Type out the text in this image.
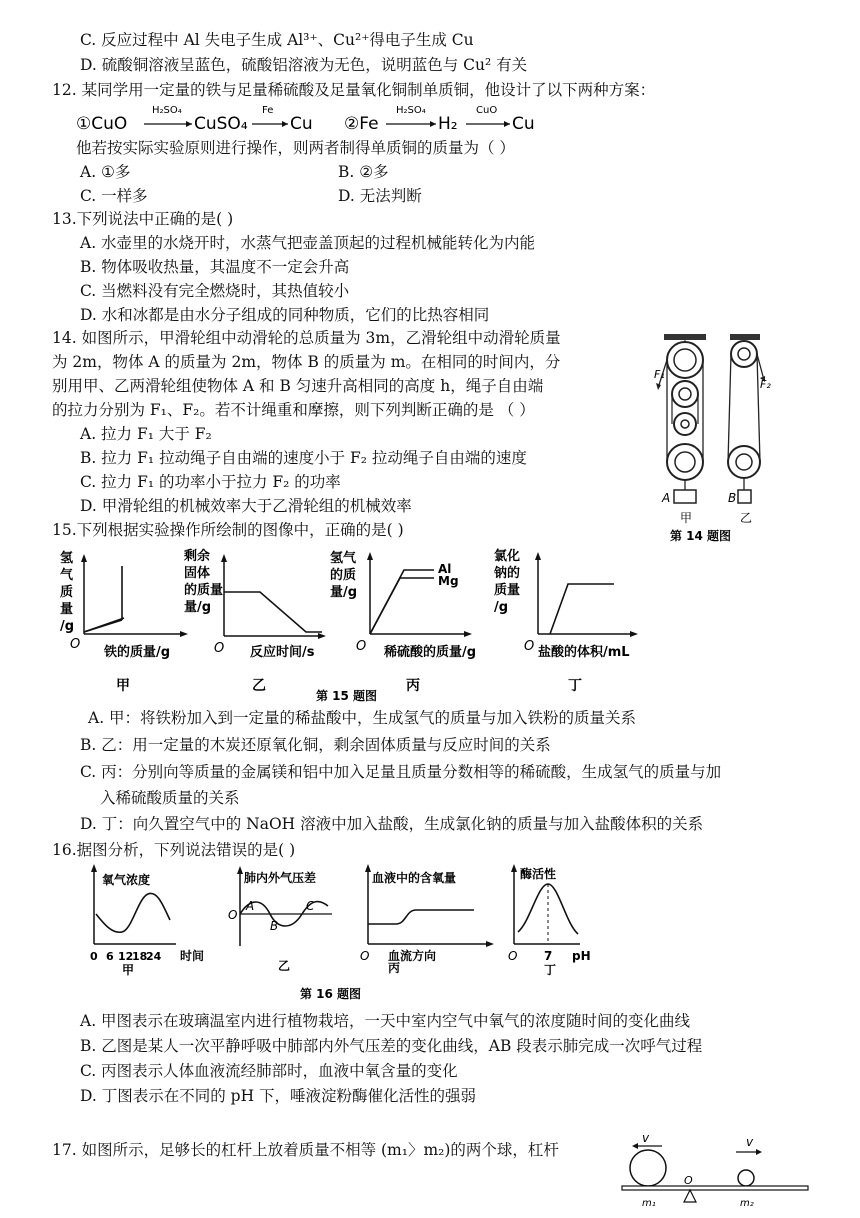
C. 反应过程中 Al 失电子生成 Al³⁺、Cu²⁺得电子生成 Cu
D. 硫酸铜溶液呈蓝色，硫酸铝溶液为无色，说明蓝色与 Cu² 有关
12. 某同学用一定量的铁与足量稀硫酸及足量氧化铜制单质铜，他设计了以下两种方案：
①CuO
H₂SO₄
CuSO₄
Fe
Cu ②Fe
H₂SO₄
H₂
CuO
Cu
他若按实际实验原则进行操作，则两者制得单质铜的质量为（ ）
A. ①多	B. ②多
C. 一样多	D. 无法判断
13.下列说法中正确的是( )
A. 水壶里的水烧开时，水蒸气把壶盖顶起的过程机械能转化为内能
B. 物体吸收热量，其温度不一定会升高
C. 当燃料没有完全燃烧时，其热值较小
D. 水和冰都是由水分子组成的同种物质，它们的比热容相同
14. 如图所示，甲滑轮组中动滑轮的总质量为 3m，乙滑轮组中动滑轮质量
为 2m，物体 A 的质量为 2m，物体 B 的质量为 m。在相同的时间内，分
别用甲、乙两滑轮组使物体 A 和 B 匀速升高相同的高度 h，绳子自由端
的拉力分别为 F₁、F₂。若不计绳重和摩擦，则下列判断正确的是 （ ）
A. 拉力 F₁ 大于 F₂
B. 拉力 F₁ 拉动绳子自由端的速度小于 F₂ 拉动绳子自由端的速度
C. 拉力 F₁ 的功率小于拉力 F₂ 的功率
D. 甲滑轮组的机械效率大于乙滑轮组的机械效率
F₁
A
甲
F₂
B
乙
第 14 题图
15.下列根据实验操作所绘制的图像中，正确的是( )
氢
气
质
量
/g
O
铁的质量/g
甲
剩余
固体
的质量
量/g
O 反应时间/s
乙
氢气
的质
量/g
Al
Mg
O 稀硫酸的质量/g
丙
氯化
钠的
质量
/g
O 盐酸的体积/mL
丁
第 15 题图
A. 甲：将铁粉加入到一定量的稀盐酸中，生成氢气的质量与加入铁粉的质量关系
B. 乙：用一定量的木炭还原氧化铜，剩余固体质量与反应时间的关系
C. 丙：分别向等质量的金属镁和铝中加入足量且质量分数相等的稀硫酸，生成氢气的质量与加
入稀硫酸质量的关系
D. 丁：向久置空气中的 NaOH 溶液中加入盐酸，生成氯化钠的质量与加入盐酸体积的关系
16.据图分析，下列说法错误的是( )
氧气浓度
0 6 12
18
24 时间
甲
肺内外气压差
O
A
B
C
乙
血液中的含氧量
O 血流方向
丙
酶活性
O 7 pH
丁
第 16 题图
A. 甲图表示在玻璃温室内进行植物栽培，一天中室内空气中氧气的浓度随时间的变化曲线
B. 乙图是某人一次平静呼吸中肺部内外气压差的变化曲线，AB 段表示肺完成一次呼气过程
C. 丙图表示人体血液流经肺部时，血液中氧含量的变化
D. 丁图表示在不同的 pH 下，唾液淀粉酶催化活性的强弱
17. 如图所示，足够长的杠杆上放着质量不相等 (m₁〉m₂)的两个球，杠杆
v	v
O
m₁	m₂
